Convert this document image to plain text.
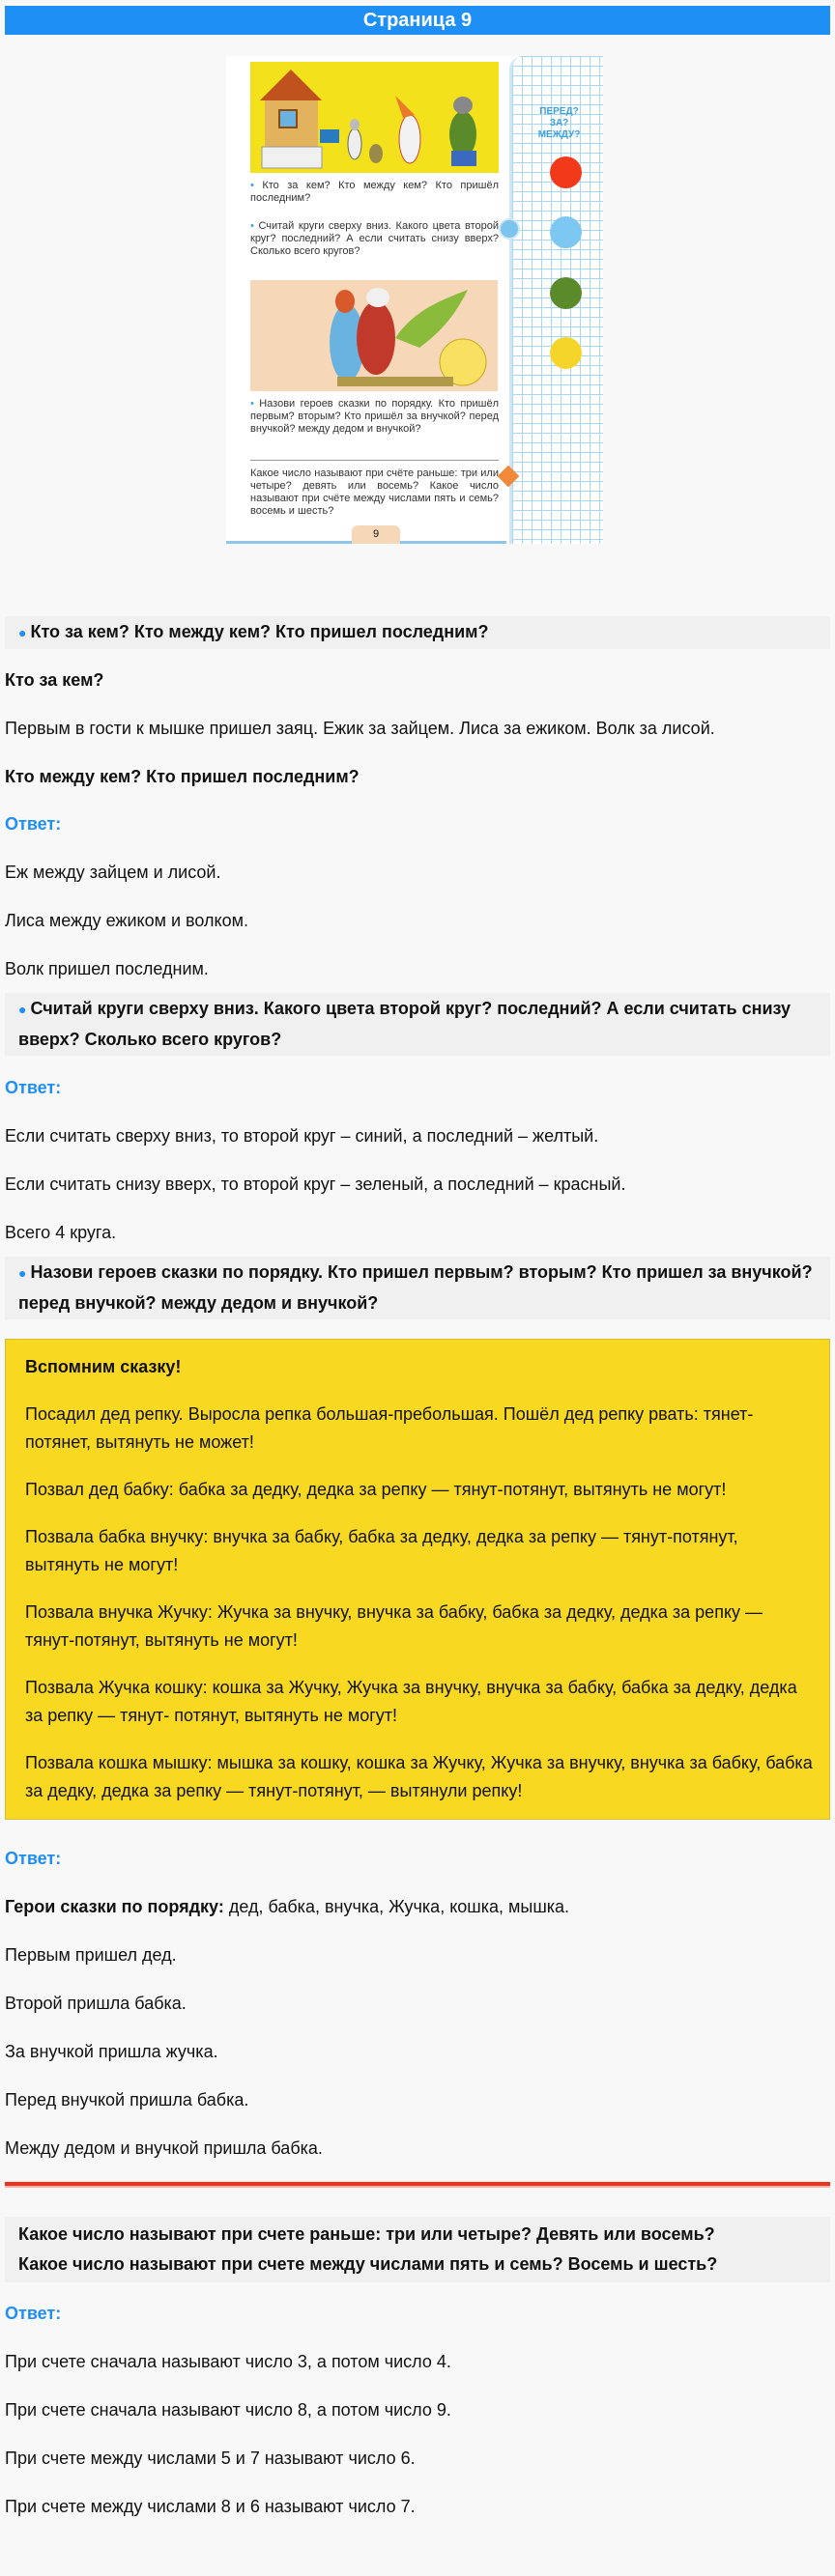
Страница 9
• Кто за кем? Кто между кем? Кто пришёл последним?
• Считай круги сверху вниз. Какого цвета второй круг? последний? А если считать снизу вверх? Сколько всего кругов?
• Назови героев сказки по порядку. Кто пришёл первым? вторым? Кто пришёл за внучкой? перед внучкой? между дедом и внучкой?
Какое число называют при счёте раньше: три или четыре? девять или восемь? Какое число называют при счёте между числами пять и семь? восемь и шесть?
9
ПЕРЕД?
ЗА?
МЕЖДУ?
● Кто за кем? Кто между кем? Кто пришел последним?
Кто за кем?
Первым в гости к мышке пришел заяц. Ежик за зайцем. Лиса за ежиком. Волк за лисой.
Кто между кем? Кто пришел последним?
Ответ:
Еж между зайцем и лисой.
Лиса между ежиком и волком.
Волк пришел последним.
● Считай круги сверху вниз. Какого цвета второй круг? последний? А если считать снизу вверх? Сколько всего кругов?
Ответ:
Если считать сверху вниз, то второй круг – синий, а последний – желтый.
Если считать снизу вверх, то второй круг – зеленый, а последний – красный.
Всего 4 круга.
● Назови героев сказки по порядку. Кто пришел первым? вторым? Кто пришел за внучкой? перед внучкой? между дедом и внучкой?
Вспомним сказку!
Посадил дед репку. Выросла репка большая-пребольшая. Пошёл дед репку рвать: тянет-потянет, вытянуть не может!
Позвал дед бабку: бабка за дедку, дедка за репку — тянут-потянут, вытянуть не могут!
Позвала бабка внучку: внучка за бабку, бабка за дедку, дедка за репку — тянут-потянут, вытянуть не могут!
Позвала внучка Жучку: Жучка за внучку, внучка за бабку, бабка за дедку, дедка за репку — тянут-потянут, вытянуть не могут!
Позвала Жучка кошку: кошка за Жучку, Жучка за внучку, внучка за бабку, бабка за дедку, дедка за репку — тянут- потянут, вытянуть не могут!
Позвала кошка мышку: мышка за кошку, кошка за Жучку, Жучка за внучку, внучка за бабку, бабка за дедку, дедка за репку — тянут-потянут, — вытянули репку!
Ответ:
Герои сказки по порядку: дед, бабка, внучка, Жучка, кошка, мышка.
Первым пришел дед.
Второй пришла бабка.
За внучкой пришла жучка.
Перед внучкой пришла бабка.
Между дедом и внучкой пришла бабка.
Какое число называют при счете раньше: три или четыре? Девять или восемь?
Какое число называют при счете между числами пять и семь? Восемь и шесть?
Ответ:
При счете сначала называют число 3, а потом число 4.
При счете сначала называют число 8, а потом число 9.
При счете между числами 5 и 7 называют число 6.
При счете между числами 8 и 6 называют число 7.
